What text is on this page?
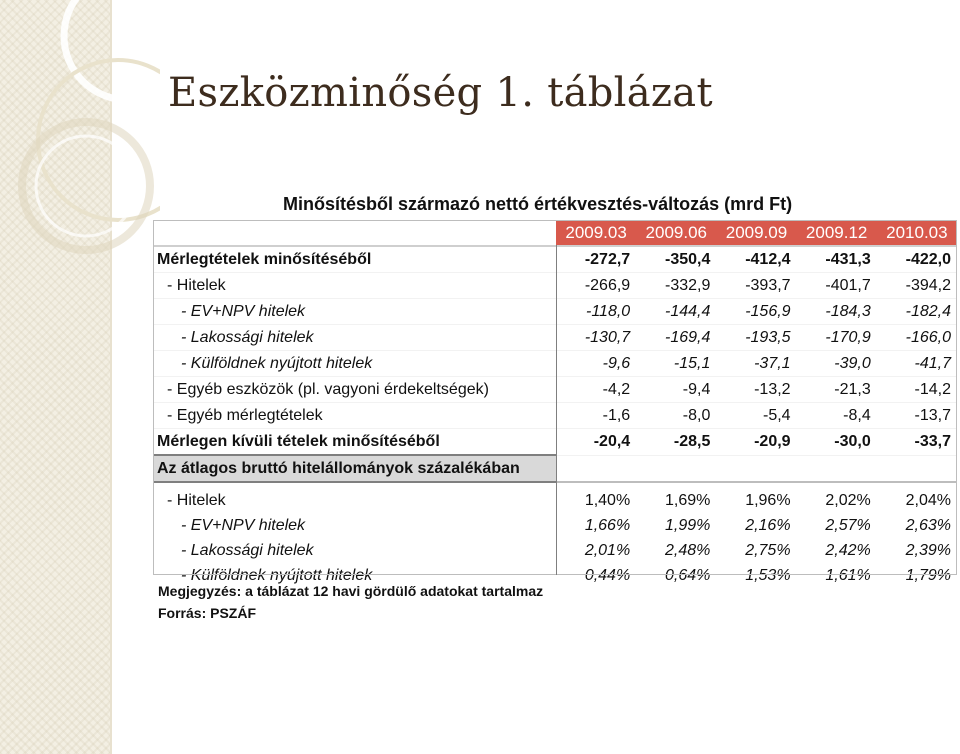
Eszközminőség 1. táblázat
Minősítésből származó nettó értékvesztés-változás (mrd Ft)
	2009.03	2009.06	2009.09	2009.12	2010.03
Mérlegtételek minősítéséből	-272,7	-350,4	-412,4	-431,3	-422,0
- Hitelek	-266,9	-332,9	-393,7	-401,7	-394,2
- EV+NPV hitelek	-118,0	-144,4	-156,9	-184,3	-182,4
- Lakossági hitelek	-130,7	-169,4	-193,5	-170,9	-166,0
- Külföldnek nyújtott hitelek	-9,6	-15,1	-37,1	-39,0	-41,7
- Egyéb eszközök (pl. vagyoni érdekeltségek)	-4,2	-9,4	-13,2	-21,3	-14,2
- Egyéb mérlegtételek	-1,6	-8,0	-5,4	-8,4	-13,7
Mérlegen kívüli tételek minősítéséből	-20,4	-28,5	-20,9	-30,0	-33,7
Az átlagos bruttó hitelállományok százalékában					

- Hitelek	1,40%	1,69%	1,96%	2,02%	2,04%
- EV+NPV hitelek	1,66%	1,99%	2,16%	2,57%	2,63%
- Lakossági hitelek	2,01%	2,48%	2,75%	2,42%	2,39%
- Külföldnek nyújtott hitelek	0,44%	0,64%	1,53%	1,61%	1,79%
Megjegyzés: a táblázat 12 havi gördülő adatokat tartalmaz
Forrás: PSZÁF
